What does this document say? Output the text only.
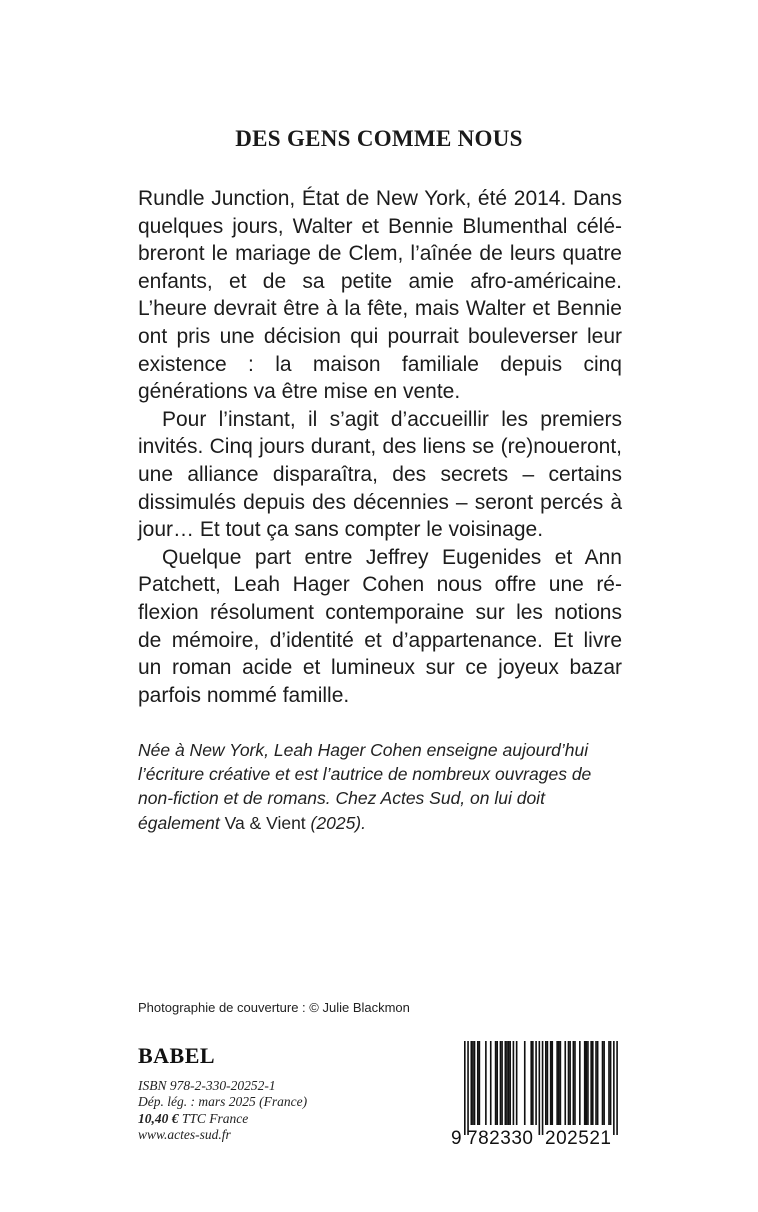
DES GENS COMME NOUS

Rundle Junction, État de New York, été 2014. Dans quelques jours, Walter et Bennie Blumenthal célébreront le mariage de Clem, l’aînée de leurs quatre enfants, et de sa petite amie afro-américaine. L’heure devrait être à la fête, mais Walter et Bennie ont pris une décision qui pourrait bouleverser leur existence : la maison familiale depuis cinq générations va être mise en vente.

Pour l’instant, il s’agit d’accueillir les premiers invités. Cinq jours durant, des liens se (re)noueront, une alliance disparaîtra, des secrets – certains dissimulés depuis des décennies – seront percés à jour… Et tout ça sans compter le voisinage.

Quelque part entre Jeffrey Eugenides et Ann Patchett, Leah Hager Cohen nous offre une réflexion résolument contemporaine sur les notions de mémoire, d’identité et d’appartenance. Et livre un roman acide et lumineux sur ce joyeux bazar parfois nommé famille.

Née à New York, Leah Hager Cohen enseigne aujourd’hui l’écriture créative et est l’autrice de nombreux ouvrages de non-fiction et de romans. Chez Actes Sud, on lui doit également Va & Vient (2025).
Photographie de couverture : © Julie Blackmon
BABEL
ISBN 978-2-330-20252-1
Dép. lég. : mars 2025 (France)
10,40 € TTC France
www.actes-sud.fr	9 782330 202521
